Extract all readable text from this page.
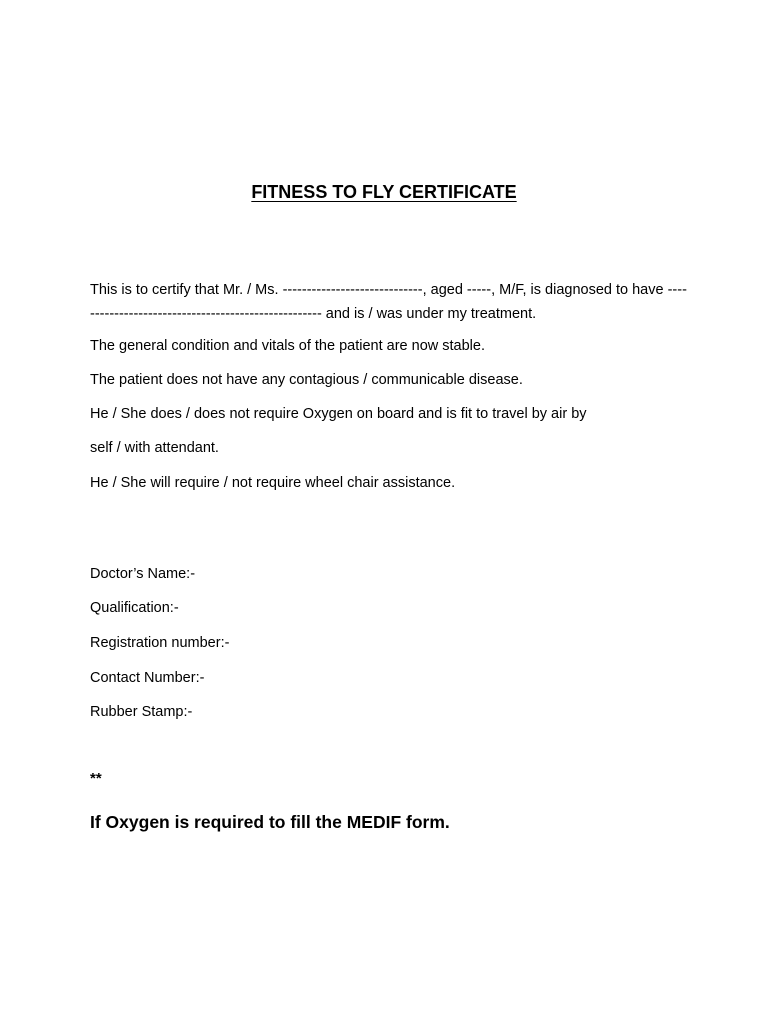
FITNESS TO FLY CERTIFICATE
This is to certify that Mr. / Ms. -----------------------------, aged -----, M/F, is diagnosed to have ---------------------------------------------------- and is / was under my treatment.
The general condition and vitals of the patient are now stable.
The patient does not have any contagious / communicable disease.
He / She does / does not require Oxygen on board and is fit to travel by air by
self / with attendant.
He / She will require / not require wheel chair assistance.
Doctor’s Name:-
Qualification:-
Registration number:-
Contact Number:-
Rubber Stamp:-
**
If Oxygen is required to fill the MEDIF form.
